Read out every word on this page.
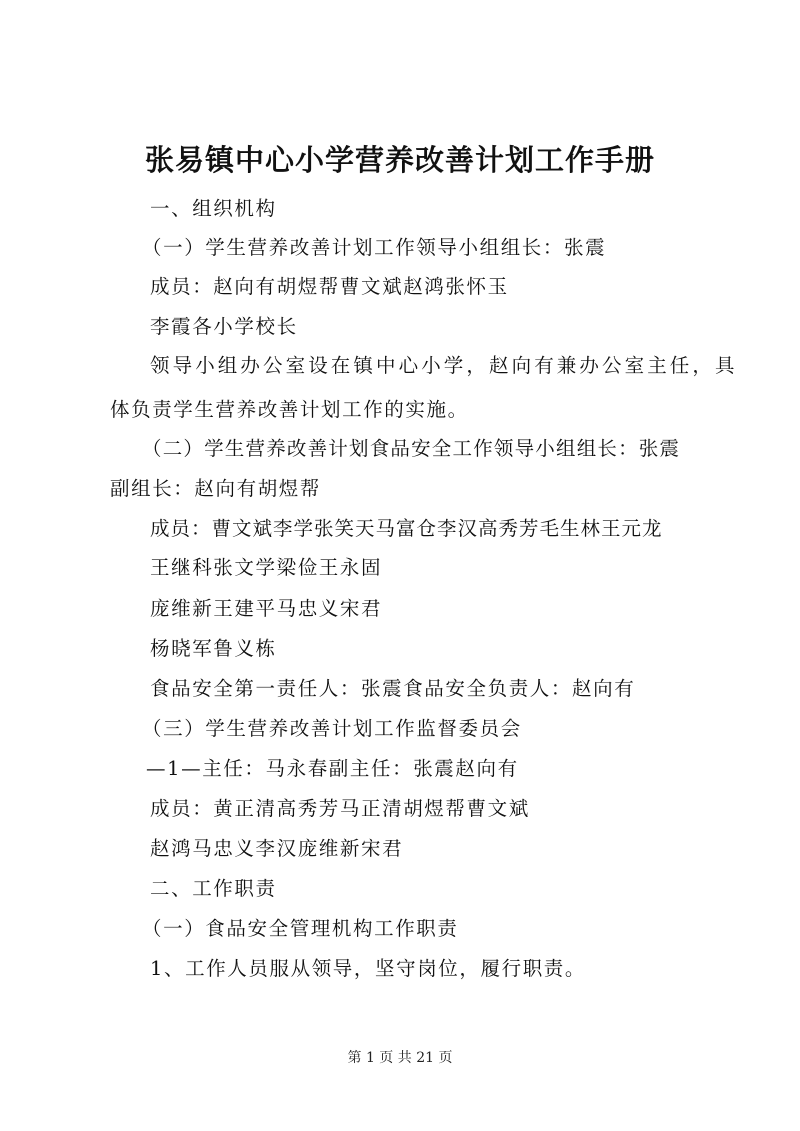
张易镇中心小学营养改善计划工作手册
一、组织机构
（一）学生营养改善计划工作领导小组组长：张震
成员：赵向有胡煜帮曹文斌赵鸿张怀玉
李霞各小学校长
领导小组办公室设在镇中心小学，赵向有兼办公室主任，具
体负责学生营养改善计划工作的实施。
（二）学生营养改善计划食品安全工作领导小组组长：张震
副组长：赵向有胡煜帮
成员：曹文斌李学张笑天马富仓李汉高秀芳毛生林王元龙
王继科张文学梁俭王永固
庞维新王建平马忠义宋君
杨晓军鲁义栋
食品安全第一责任人：张震食品安全负责人：赵向有
（三）学生营养改善计划工作监督委员会
—1—主任：马永春副主任：张震赵向有
成员：黄正清高秀芳马正清胡煜帮曹文斌
赵鸿马忠义李汉庞维新宋君
二、工作职责
（一）食品安全管理机构工作职责
1、工作人员服从领导，坚守岗位，履行职责。
第 1 页 共 21 页
